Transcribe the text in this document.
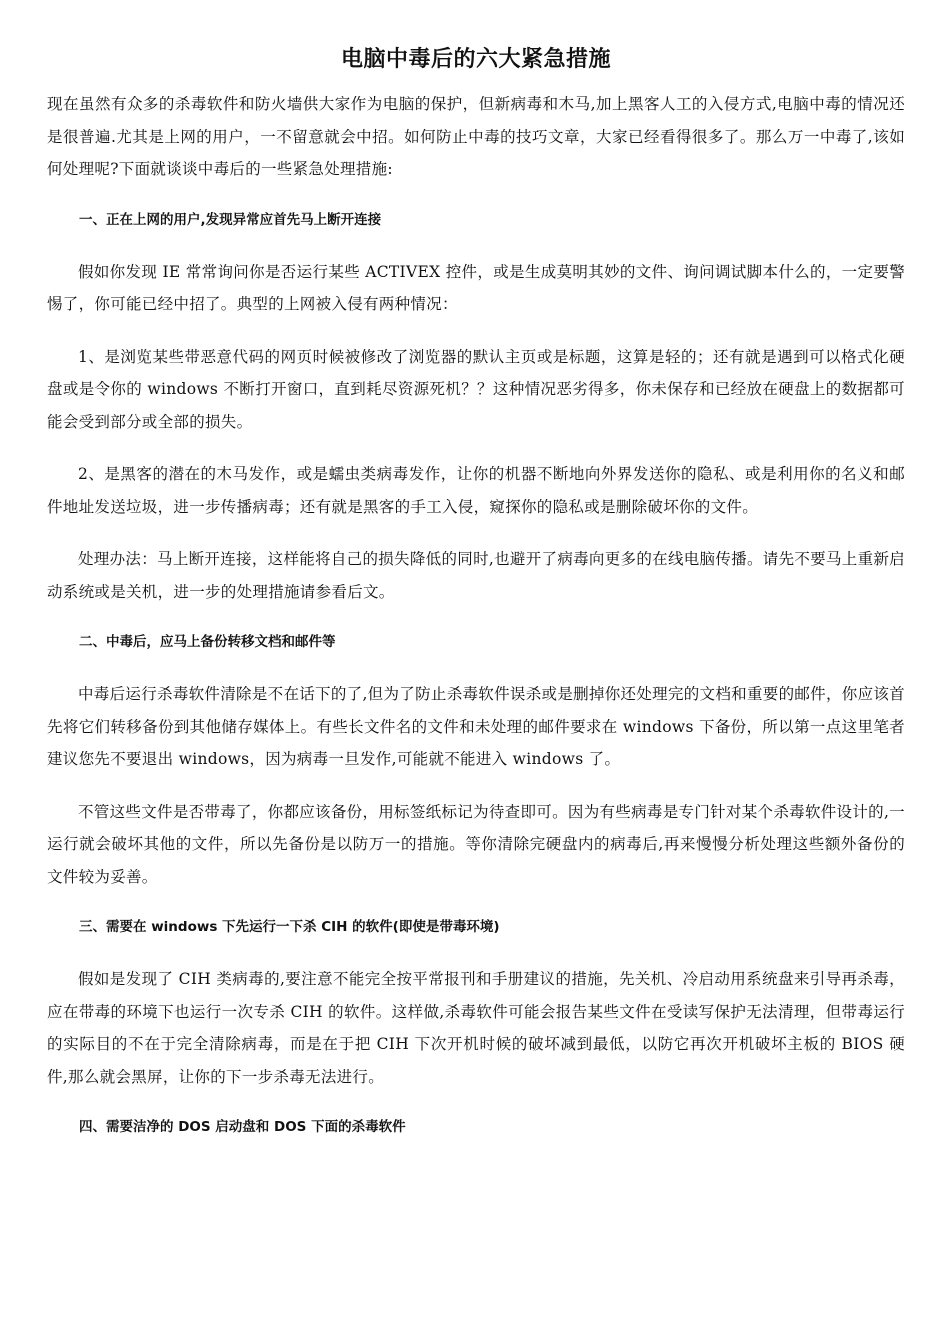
电脑中毒后的六大紧急措施
现在虽然有众多的杀毒软件和防火墙供大家作为电脑的保护，但新病毒和木马,加上黑客人工的入侵方式,电脑中毒的情况还是很普遍.尤其是上网的用户，一不留意就会中招。如何防止中毒的技巧文章，大家已经看得很多了。那么万一中毒了,该如何处理呢?下面就谈谈中毒后的一些紧急处理措施:
一、正在上网的用户,发现异常应首先马上断开连接
假如你发现 IE 常常询问你是否运行某些 ACTIVEX 控件，或是生成莫明其妙的文件、询问调试脚本什么的，一定要警惕了，你可能已经中招了。典型的上网被入侵有两种情况：
1、是浏览某些带恶意代码的网页时候被修改了浏览器的默认主页或是标题，这算是轻的；还有就是遇到可以格式化硬盘或是令你的 windows 不断打开窗口，直到耗尽资源死机？？这种情况恶劣得多，你未保存和已经放在硬盘上的数据都可能会受到部分或全部的损失。
2、是黑客的潜在的木马发作，或是蠕虫类病毒发作，让你的机器不断地向外界发送你的隐私、或是利用你的名义和邮件地址发送垃圾，进一步传播病毒；还有就是黑客的手工入侵，窥探你的隐私或是删除破坏你的文件。
处理办法：马上断开连接，这样能将自己的损失降低的同时,也避开了病毒向更多的在线电脑传播。请先不要马上重新启动系统或是关机，进一步的处理措施请参看后文。
二、中毒后，应马上备份转移文档和邮件等
中毒后运行杀毒软件清除是不在话下的了,但为了防止杀毒软件误杀或是删掉你还处理完的文档和重要的邮件，你应该首先将它们转移备份到其他储存媒体上。有些长文件名的文件和未处理的邮件要求在 windows 下备份，所以第一点这里笔者建议您先不要退出 windows，因为病毒一旦发作,可能就不能进入 windows 了。
不管这些文件是否带毒了，你都应该备份，用标签纸标记为待查即可。因为有些病毒是专门针对某个杀毒软件设计的,一运行就会破坏其他的文件，所以先备份是以防万一的措施。等你清除完硬盘内的病毒后,再来慢慢分析处理这些额外备份的文件较为妥善。
三、需要在 windows 下先运行一下杀 CIH 的软件(即使是带毒环境)
假如是发现了 CIH 类病毒的,要注意不能完全按平常报刊和手册建议的措施，先关机、冷启动用系统盘来引导再杀毒，应在带毒的环境下也运行一次专杀 CIH 的软件。这样做,杀毒软件可能会报告某些文件在受读写保护无法清理，但带毒运行的实际目的不在于完全清除病毒，而是在于把 CIH 下次开机时候的破坏减到最低，以防它再次开机破坏主板的 BIOS 硬件,那么就会黑屏，让你的下一步杀毒无法进行。
四、需要洁净的 DOS 启动盘和 DOS 下面的杀毒软件
